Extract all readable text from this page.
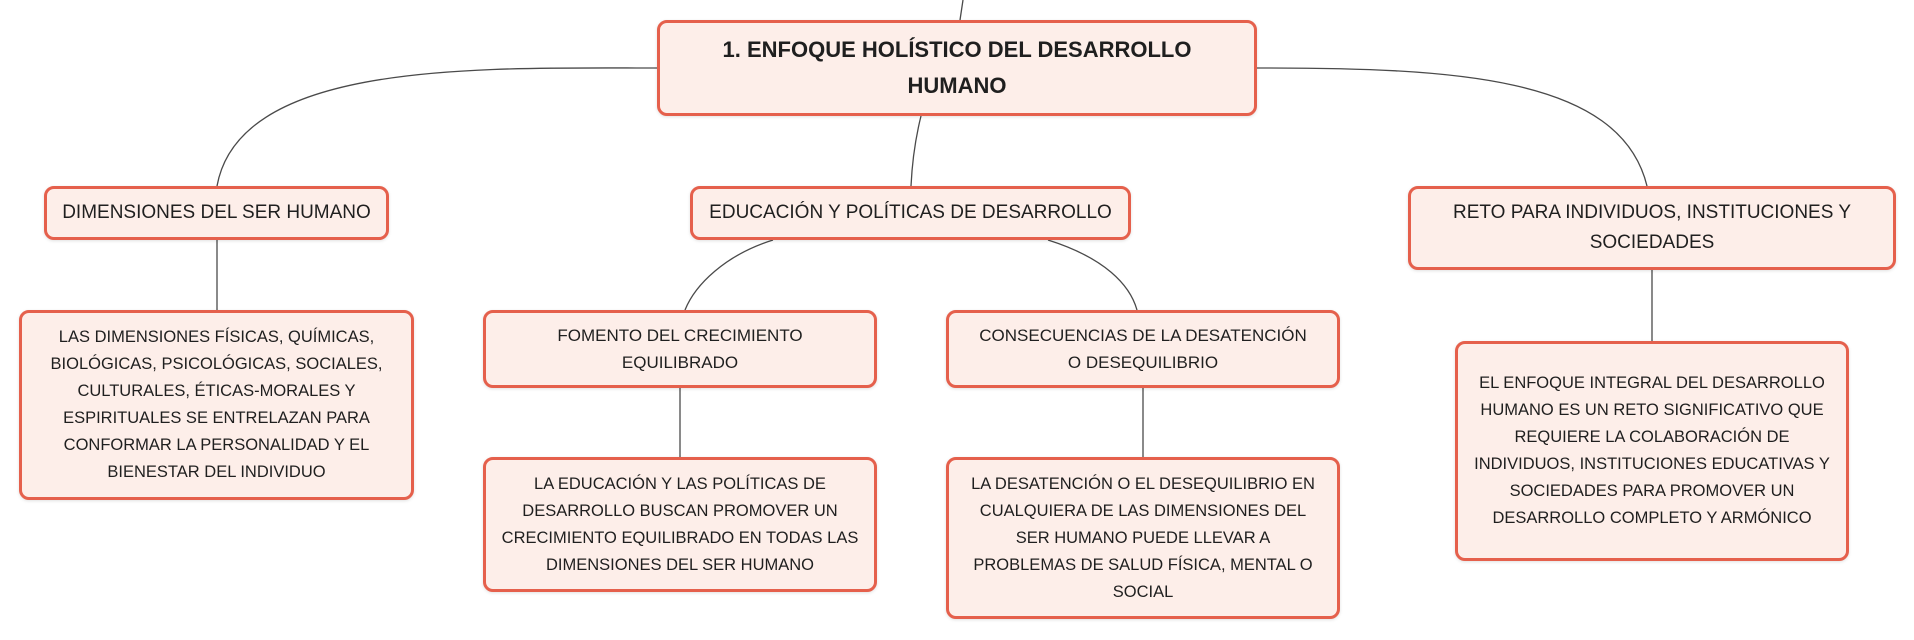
1. ENFOQUE HOLÍSTICO DEL DESARROLLO HUMANO
DIMENSIONES DEL SER HUMANO	EDUCACIÓN Y POLÍTICAS DE DESARROLLO	RETO PARA INDIVIDUOS, INSTITUCIONES Y SOCIEDADES
LAS DIMENSIONES FÍSICAS, QUÍMICAS, BIOLÓGICAS, PSICOLÓGICAS, SOCIALES, CULTURALES, ÉTICAS-MORALES Y ESPIRITUALES SE ENTRELAZAN PARA CONFORMAR LA PERSONALIDAD Y EL BIENESTAR DEL INDIVIDUO
FOMENTO DEL CRECIMIENTO EQUILIBRADO
CONSECUENCIAS DE LA DESATENCIÓN O DESEQUILIBRIO
LA EDUCACIÓN Y LAS POLÍTICAS DE DESARROLLO BUSCAN PROMOVER UN CRECIMIENTO EQUILIBRADO EN TODAS LAS DIMENSIONES DEL SER HUMANO
LA DESATENCIÓN O EL DESEQUILIBRIO EN CUALQUIERA DE LAS DIMENSIONES DEL SER HUMANO PUEDE LLEVAR A PROBLEMAS DE SALUD FÍSICA, MENTAL O SOCIAL
EL ENFOQUE INTEGRAL DEL DESARROLLO HUMANO ES UN RETO SIGNIFICATIVO QUE REQUIERE LA COLABORACIÓN DE INDIVIDUOS, INSTITUCIONES EDUCATIVAS Y SOCIEDADES PARA PROMOVER UN DESARROLLO COMPLETO Y ARMÓNICO
